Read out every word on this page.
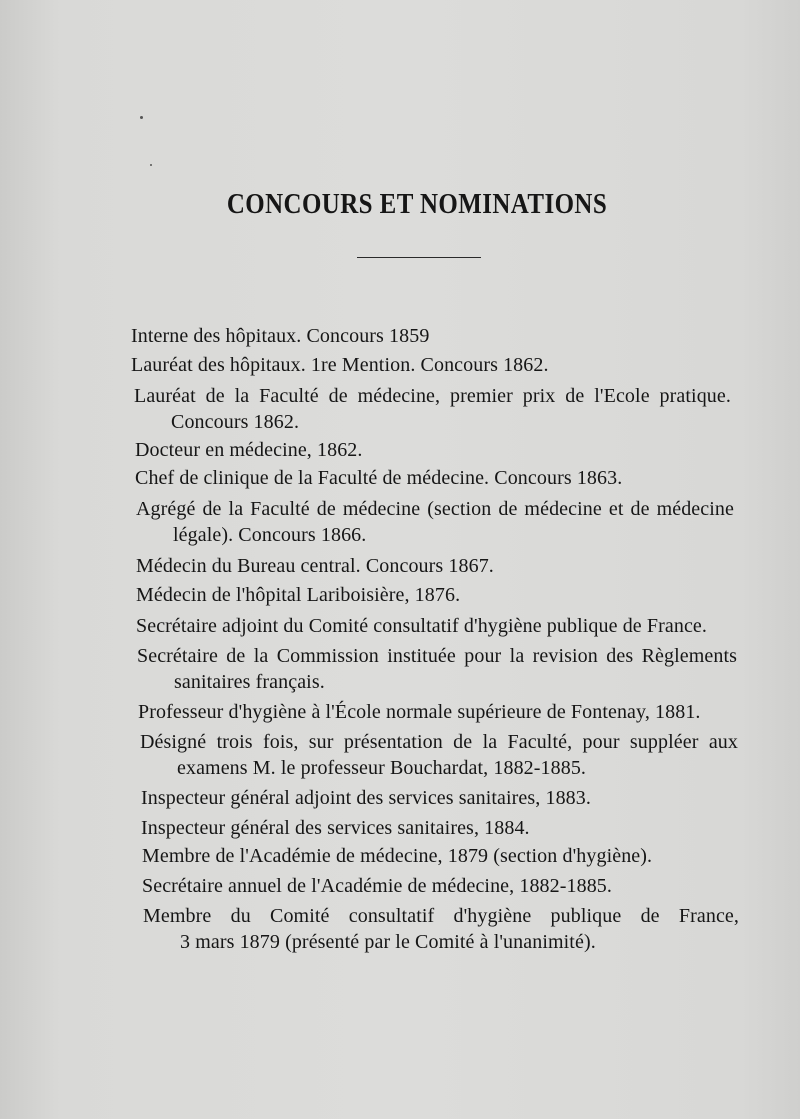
CONCOURS ET NOMINATIONS
Interne des hôpitaux. Concours 1859
Lauréat des hôpitaux. 1re Mention. Concours 1862.
Lauréat de la Faculté de médecine, premier prix de l'Ecole pratique.
Concours 1862.
Docteur en médecine, 1862.
Chef de clinique de la Faculté de médecine. Concours 1863.
Agrégé de la Faculté de médecine (section de médecine et de médecine
légale). Concours 1866.
Médecin du Bureau central. Concours 1867.
Médecin de l'hôpital Lariboisière, 1876.
Secrétaire adjoint du Comité consultatif d'hygiène publique de France.
Secrétaire de la Commission instituée pour la revision des Règlements
sanitaires français.
Professeur d'hygiène à l'École normale supérieure de Fontenay, 1881.
Désigné trois fois, sur présentation de la Faculté, pour suppléer aux
examens M. le professeur Bouchardat, 1882-1885.
Inspecteur général adjoint des services sanitaires, 1883.
Inspecteur général des services sanitaires, 1884.
Membre de l'Académie de médecine, 1879 (section d'hygiène).
Secrétaire annuel de l'Académie de médecine, 1882-1885.
Membre du Comité consultatif d'hygiène publique de France,
3 mars 1879 (présenté par le Comité à l'unanimité).
